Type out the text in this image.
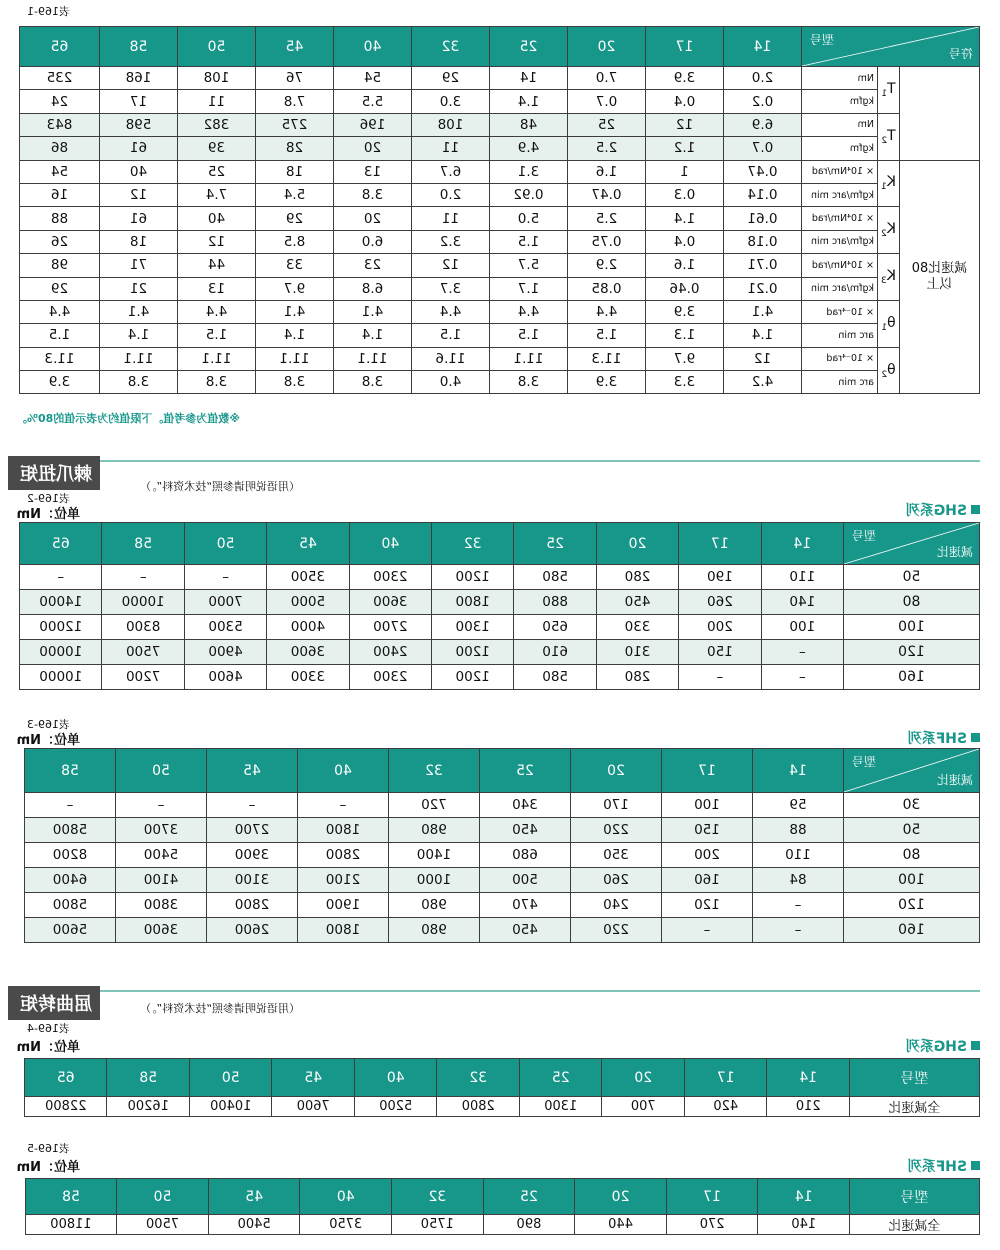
表169-1
型号
符号			14	17	20	25	32	40	45	50	58	65
	$T_1$	Nm	2.0	3.9	7.0	14	29	54	76	108	168	235
		kgfm	0.2	0.4	0.7	1.4	3.0	5.5	7.8	11	17	24
	$T_2$	Nm	6.9	12	25	48	108	196	275	382	598	843
		kgfm	0.7	1.2	2.5	4.9	11	20	28	39	61	86
减速比80以上	$K_1$	× 10⁴Nm/rad	0.47	1	1.6	3.1	6.7	13	18	25	40	54
		kgfm/arc min	0.14	0.3	0.47	0.92	2.0	3.8	5.4	7.4	12	16
	$K_2$	× 10⁴Nm/rad	0.61	1.4	2.5	5.0	11	20	29	40	61	88
		kgfm/arc min	0.18	0.4	0.75	1.5	3.2	6.0	8.5	12	18	26
	$K_3$	× 10⁴Nm/rad	0.71	1.6	2.9	5.7	12	23	33	44	71	98
		kgfm/arc min	0.21	0.46	0.85	1.7	3.7	6.8	9.7	13	21	29
	$\theta_1$	× 10⁻⁴rad	4.1	3.9	4.4	4.4	4.4	4.1	4.1	4.4	4.1	4.4
		arc min	1.4	1.3	1.5	1.5	1.5	1.4	1.4	1.5	1.4	1.5
	$\theta_2$	× 10⁻⁴rad	12	9.7	11.3	11.1	11.6	11.1	11.1	11.1	11.1	11.3
		arc min	4.2	3.3	3.9	3.8	4.0	3.8	3.8	3.8	3.8	3.9
※数值为参考值。下限值约为表示值的80%。
棘爪扭矩
（用语说明请参照“技术资料”。）
表169-2
单位：Nm	SHG系列
型号
减速比	14	17	20	25	32	40	45	50	58	65
50	110	190	280	580	1200	2300	3500	–	–	–
80	140	260	450	880	1800	3600	5000	7000	10000	14000
100	100	200	330	650	1300	2700	4000	5300	8300	12000
120	–	150	310	610	1200	2400	3600	4900	7500	10000
160	–	–	280	580	1200	2300	3300	4600	7200	10000
表169-3
单位：Nm	SHF系列
型号
减速比	14	17	20	25	32	40	45	50	58
30	59	100	170	340	720	–	–	–	–
50	88	150	220	450	980	1800	2700	3700	5800
80	110	200	350	680	1400	2800	3900	5400	8200
100	84	160	260	500	1000	2100	3100	4100	6400
120	–	120	240	470	980	1900	2800	3800	5800
160	–	–	220	450	980	1800	2600	3600	5600
屈曲转矩	（用语说明请参照“技术资料”。）
表169-4
单位：Nm	SHG系列
型号	14	17	20	25	32	40	45	50	58	65
全减速比	210	420	700	1300	2800	5200	7600	10400	16200	22800
表169-5
单位：Nm	SHF系列
型号	14	17	20	25	32	40	45	50	58
全减速比	140	270	440	890	1750	3750	5400	7500	11800
